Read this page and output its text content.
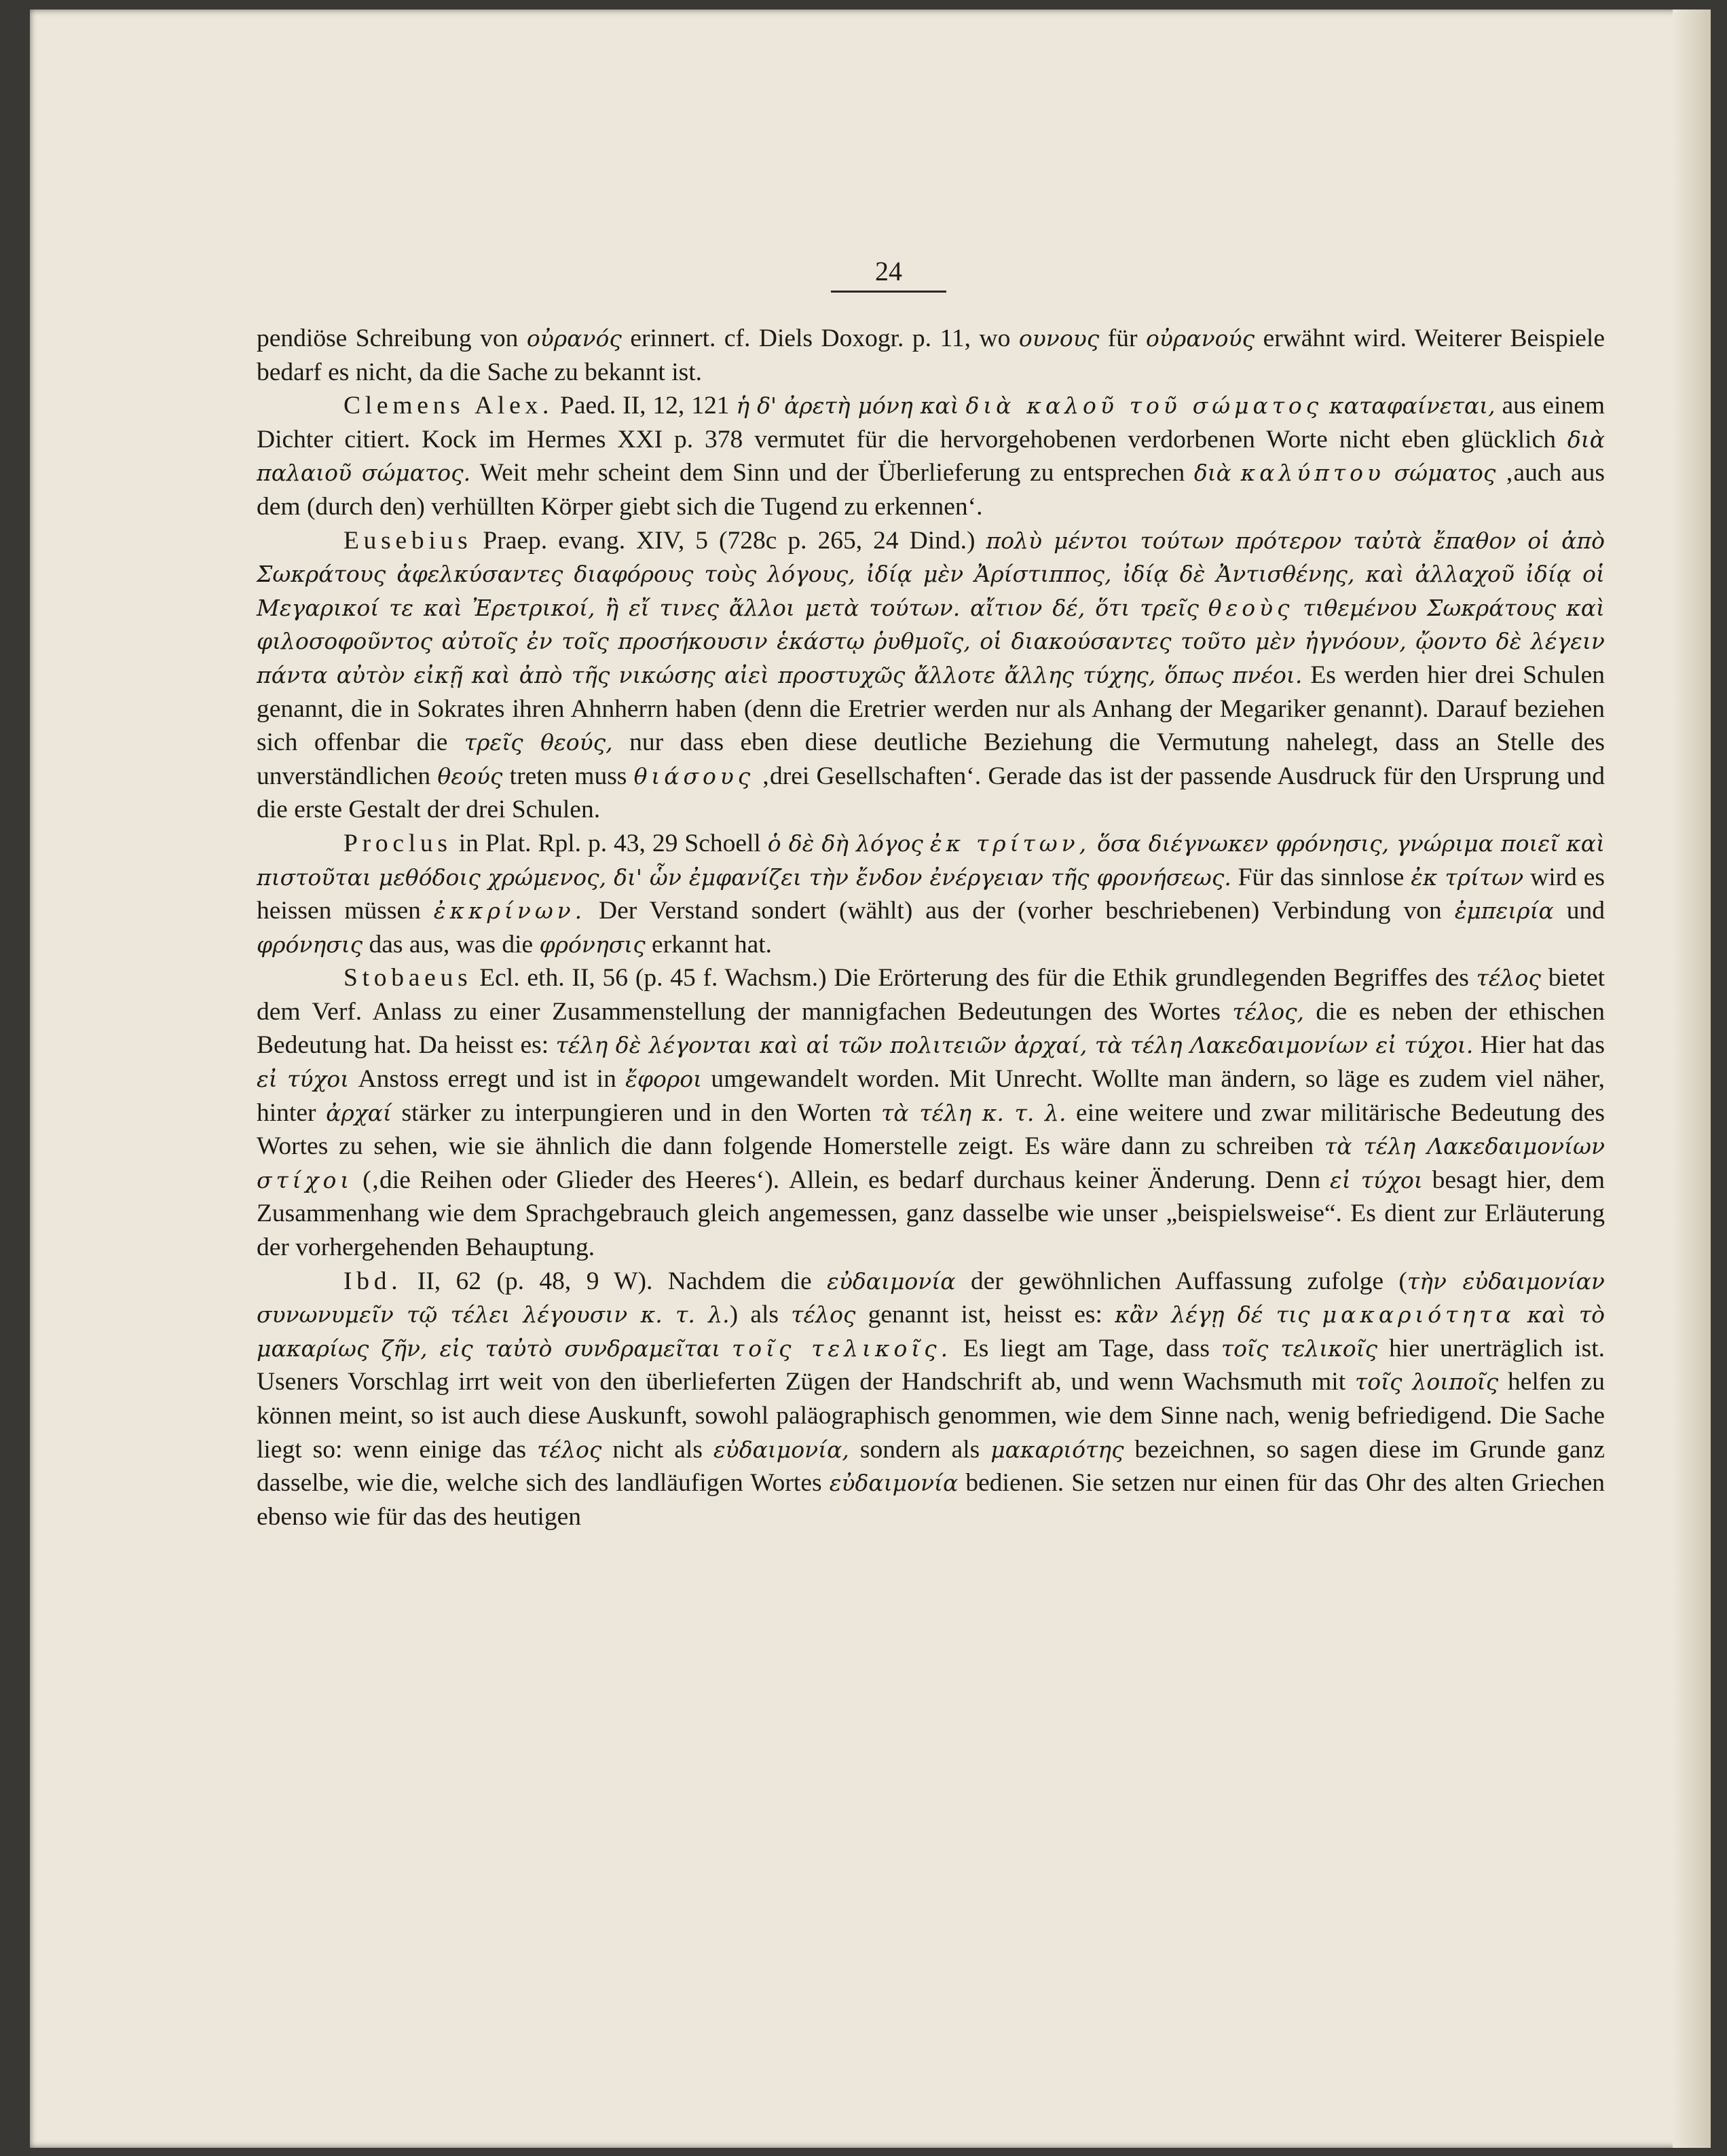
24

pendiöse Schreibung von οὐρανός erinnert. cf. Diels Doxogr. p. 11, wo ουνους für οὐρανούς erwähnt wird. Weiterer Beispiele bedarf es nicht, da die Sache zu bekannt ist.

Clemens Alex. Paed. II, 12, 121 ἡ δ' ἀρετὴ μόνη καὶ διὰ καλοῦ τοῦ σώματος καταφαίνεται, aus einem Dichter citiert. Kock im Hermes XXI p. 378 vermutet für die hervorgehobenen verdorbenen Worte nicht eben glücklich διὰ παλαιοῦ σώματος. Weit mehr scheint dem Sinn und der Überlieferung zu entsprechen διὰ καλύπτου σώματος ‚auch aus dem (durch den) verhüllten Körper giebt sich die Tugend zu erkennen‘.

Eusebius Praep. evang. XIV, 5 (728c p. 265, 24 Dind.) πολὺ μέντοι τούτων πρότερον ταὐτὰ ἔπαθον οἱ ἀπὸ Σωκράτους ἀφελκύσαντες διαφόρους τοὺς λόγους, ἰδίᾳ μὲν Ἀρίστιππος, ἰδίᾳ δὲ Ἀντισθένης, καὶ ἀλλαχοῦ ἰδίᾳ οἱ Μεγαρικοί τε καὶ Ἐρετρικοί, ἢ εἴ τινες ἄλλοι μετὰ τούτων. αἴτιον δέ, ὅτι τρεῖς θεοὺς τιθεμένου Σωκράτους καὶ φιλοσοφοῦντος αὐτοῖς ἐν τοῖς προσήκουσιν ἑκάστῳ ῥυθμοῖς, οἱ διακούσαντες τοῦτο μὲν ἠγνόουν, ᾤοντο δὲ λέγειν πάντα αὐτὸν εἰκῇ καὶ ἀπὸ τῆς νικώσης αἰεὶ προστυχῶς ἄλλοτε ἄλλης τύχης, ὅπως πνέοι. Es werden hier drei Schulen genannt, die in Sokrates ihren Ahnherrn haben (denn die Eretrier werden nur als Anhang der Megariker genannt). Darauf beziehen sich offenbar die τρεῖς θεούς, nur dass eben diese deutliche Beziehung die Vermutung nahelegt, dass an Stelle des unverständlichen θεούς treten muss θιάσους ‚drei Gesellschaften‘. Gerade das ist der passende Ausdruck für den Ursprung und die erste Gestalt der drei Schulen.

Proclus in Plat. Rpl. p. 43, 29 Schoell ὁ δὲ δὴ λόγος ἐκ τρίτων, ὅσα διέγνωκεν φρόνησις, γνώριμα ποιεῖ καὶ πιστοῦται μεθόδοις χρώμενος, δι' ὧν ἐμφανίζει τὴν ἔνδον ἐνέργειαν τῆς φρονήσεως. Für das sinnlose ἐκ τρίτων wird es heissen müssen ἐκκρίνων. Der Verstand sondert (wählt) aus der (vorher beschriebenen) Verbindung von ἐμπειρία und φρόνησις das aus, was die φρόνησις erkannt hat.

Stobaeus Ecl. eth. II, 56 (p. 45 f. Wachsm.) Die Erörterung des für die Ethik grundlegenden Begriffes des τέλος bietet dem Verf. Anlass zu einer Zusammenstellung der mannigfachen Bedeutungen des Wortes τέλος, die es neben der ethischen Bedeutung hat. Da heisst es: τέλη δὲ λέγονται καὶ αἱ τῶν πολιτειῶν ἀρχαί, τὰ τέλη Λακεδαιμονίων εἰ τύχοι. Hier hat das εἰ τύχοι Anstoss erregt und ist in ἔφοροι umgewandelt worden. Mit Unrecht. Wollte man ändern, so läge es zudem viel näher, hinter ἀρχαί stärker zu interpungieren und in den Worten τὰ τέλη κ. τ. λ. eine weitere und zwar militärische Bedeutung des Wortes zu sehen, wie sie ähnlich die dann folgende Homerstelle zeigt. Es wäre dann zu schreiben τὰ τέλη Λακεδαιμονίων στίχοι (‚die Reihen oder Glieder des Heeres‘). Allein, es bedarf durchaus keiner Änderung. Denn εἰ τύχοι besagt hier, dem Zusammenhang wie dem Sprachgebrauch gleich angemessen, ganz dasselbe wie unser „beispielsweise“. Es dient zur Erläuterung der vorhergehenden Behauptung.

Ibd. II, 62 (p. 48, 9 W). Nachdem die εὐδαιμονία der gewöhnlichen Auffassung zufolge (τὴν εὐδαιμονίαν συνωνυμεῖν τῷ τέλει λέγουσιν κ. τ. λ.) als τέλος genannt ist, heisst es: κἂν λέγῃ δέ τις μακαριότητα καὶ τὸ μακαρίως ζῆν, εἰς ταὐτὸ συνδραμεῖται τοῖς τελικοῖς. Es liegt am Tage, dass τοῖς τελικοῖς hier unerträglich ist. Useners Vorschlag irrt weit von den überlieferten Zügen der Handschrift ab, und wenn Wachsmuth mit τοῖς λοιποῖς helfen zu können meint, so ist auch diese Auskunft, sowohl paläographisch genommen, wie dem Sinne nach, wenig befriedigend. Die Sache liegt so: wenn einige das τέλος nicht als εὐδαιμονία, sondern als μακαριότης bezeichnen, so sagen diese im Grunde ganz dasselbe, wie die, welche sich des landläufigen Wortes εὐδαιμονία bedienen. Sie setzen nur einen für das Ohr des alten Griechen ebenso wie für das des heutigen
